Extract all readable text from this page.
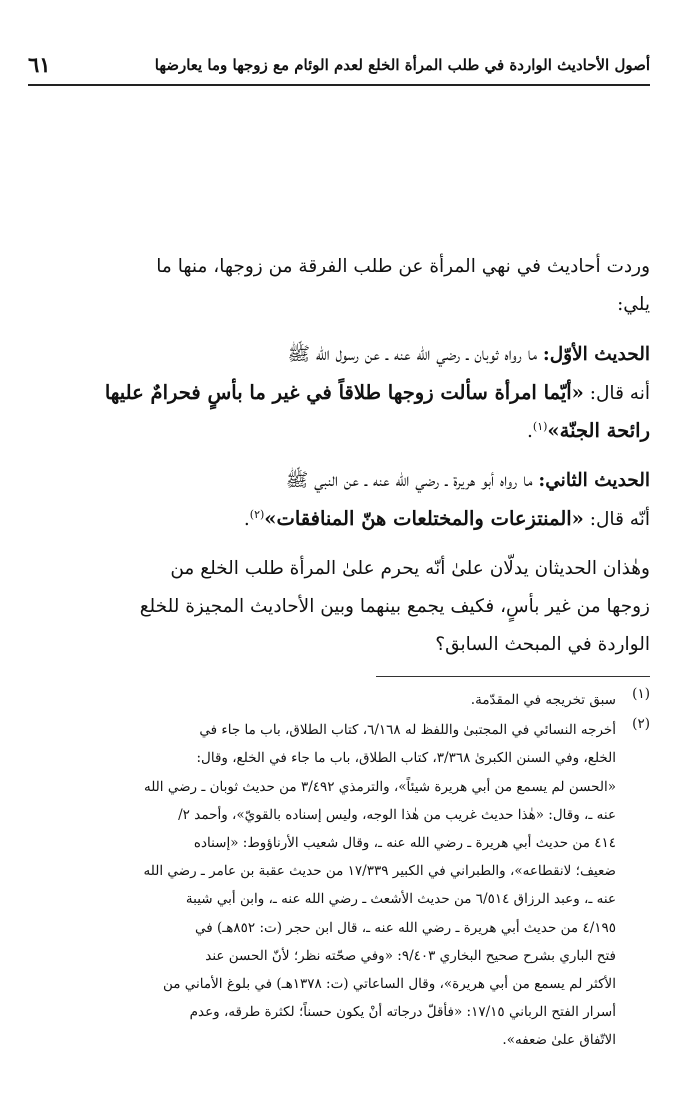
أصول الأحاديث الواردة في طلب المرأة الخلع لعدم الوئام مع زوجها وما يعارضها
٦١
وردت أحاديث في نهي المرأة عن طلب الفرقة من زوجها، منها ما
يلي:
الحديث الأوّل: ما رواه ثوبان ـ رضي الله عنه ـ عن رسول الله ﷺ
أنه قال: «أيّما امرأة سألت زوجها طلاقاً في غير ما بأسٍ فحرامٌ عليها
رائحة الجنّة»$^{(١)}$.
الحديث الثاني: ما رواه أبو هريرة ـ رضي الله عنه ـ عن النبي ﷺ
أنّه قال: «المنتزعات والمختلعات هنّ المنافقات»$^{(٢)}$.
وهٰذان الحديثان يدلّان علىٰ أنّه يحرم علىٰ المرأة طلب الخلع من
زوجها من غير بأسٍ، فكيف يجمع بينهما وبين الأحاديث المجيزة للخلع
الواردة في المبحث السابق؟
(١)
سبق تخريجه في المقدّمة.
(٢)
أخرجه النسائي في المجتبىٰ واللفظ له ٦/١٦٨، كتاب الطلاق، باب ما جاء في
الخلع، وفي السنن الكبرىٰ ٣/٣٦٨، كتاب الطلاق، باب ما جاء في الخلع، وقال:
«الحسن لم يسمع من أبي هريرة شيئاً»، والترمذي ٣/٤٩٢ من حديث ثوبان ـ رضي الله
عنه ـ، وقال: «هٰذا حديث غريب من هٰذا الوجه، وليس إسناده بالقويّ»، وأحمد ٢/
٤١٤ من حديث أبي هريرة ـ رضي الله عنه ـ، وقال شعيب الأرناؤوط: «إسناده
ضعيف؛ لانقطاعه»، والطبراني في الكبير ١٧/٣٣٩ من حديث عقبة بن عامر ـ رضي الله
عنه ـ، وعبد الرزاق ٦/٥١٤ من حديث الأشعث ـ رضي الله عنه ـ، وابن أبي شيبة
٤/١٩٥ من حديث أبي هريرة ـ رضي الله عنه ـ، قال ابن حجر (ت: ٨٥٢هـ) في
فتح الباري بشرح صحيح البخاري ٩/٤٠٣: «وفي صحّته نظر؛ لأنّ الحسن عند
الأكثر لم يسمع من أبي هريرة»، وقال الساعاتي (ت: ١٣٧٨هـ) في بلوغ الأماني من
أسرار الفتح الرباني ١٧/١٥: «فأقلّ درجاته أنْ يكون حسناً؛ لكثرة طرقه، وعدم
الاتّفاق علىٰ ضعفه».
